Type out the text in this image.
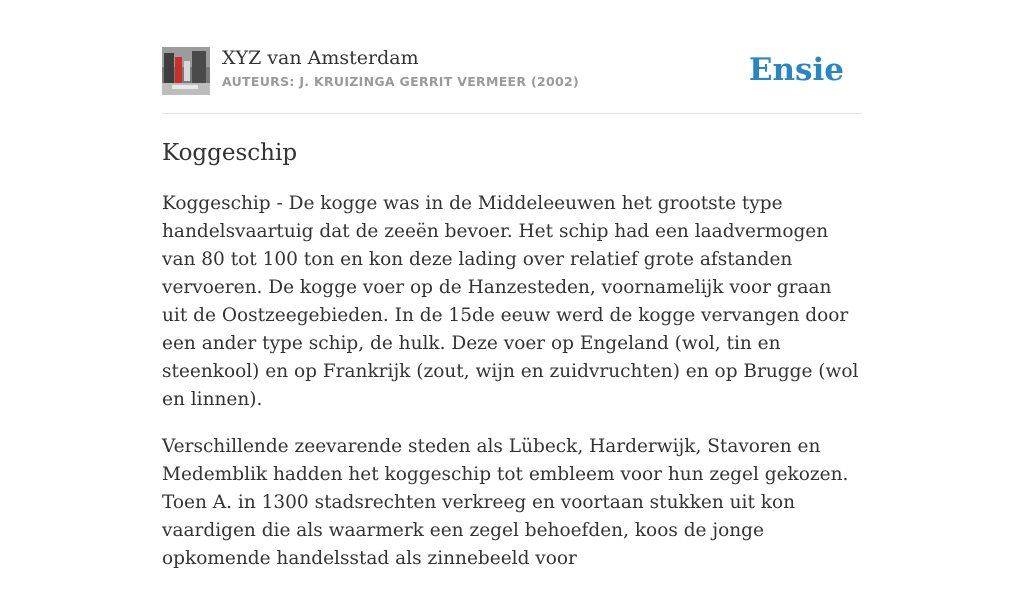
XYZ van Amsterdam
AUTEURS: J. KRUIZINGA GERRIT VERMEER (2002)	Ensie
Koggeschip

Koggeschip - De kogge was in de Middeleeuwen het grootste type handelsvaartuig dat de zeeën bevoer. Het schip had een laadvermogen van 80 tot 100 ton en kon deze lading over relatief grote afstanden vervoeren. De kogge voer op de Hanzesteden, voornamelijk voor graan uit de Oostzeegebieden. In de 15de eeuw werd de kogge vervangen door een ander type schip, de hulk. Deze voer op Engeland (wol, tin en steenkool) en op Frankrijk (zout, wijn en zuidvruchten) en op Brugge (wol en linnen).

Verschillende zeevarende steden als Lübeck, Harderwijk, Stavoren en Medemblik hadden het koggeschip tot embleem voor hun zegel gekozen. Toen A. in 1300 stadsrechten verkreeg en voortaan stukken uit kon vaardigen die als waarmerk een zegel behoefden, koos de jonge opkomende handelsstad als zinnebeeld voor
